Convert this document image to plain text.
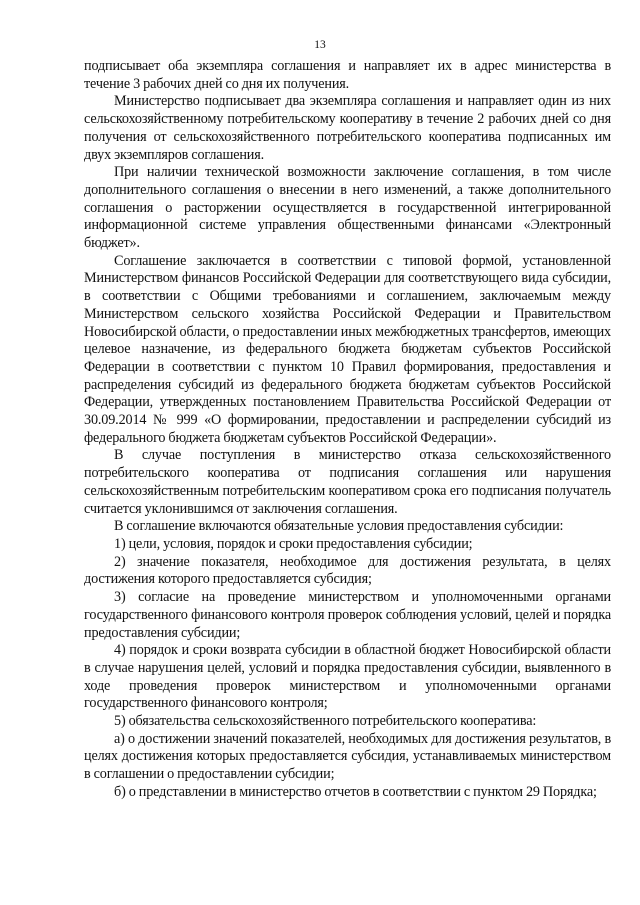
13

подписывает оба экземпляра соглашения и направляет их в адрес министерства в течение 3 рабочих дней со дня их получения.

Министерство подписывает два экземпляра соглашения и направляет один из них сельскохозяйственному потребительскому кооперативу в течение 2 рабочих дней со дня получения от сельскохозяйственного потребительского кооператива подписанных им двух экземпляров соглашения.

При наличии технической возможности заключение соглашения, в том числе дополнительного соглашения о внесении в него изменений, а также дополнительного соглашения о расторжении осуществляется в государственной интегрированной информационной системе управления общественными финансами «Электронный бюджет».

Соглашение заключается в соответствии с типовой формой, установленной Министерством финансов Российской Федерации для соответствующего вида субсидии, в соответствии с Общими требованиями и соглашением, заключаемым между Министерством сельского хозяйства Российской Федерации и Правительством Новосибирской области, о предоставлении иных межбюджетных трансфертов, имеющих целевое назначение, из федерального бюджета бюджетам субъектов Российской Федерации в соответствии с пунктом 10 Правил формирования, предоставления и распределения субсидий из федерального бюджета бюджетам субъектов Российской Федерации, утвержденных постановлением Правительства Российской Федерации от 30.09.2014 № 999 «О формировании, предоставлении и распределении субсидий из федерального бюджета бюджетам субъектов Российской Федерации».

В случае поступления в министерство отказа сельскохозяйственного потребительского кооператива от подписания соглашения или нарушения сельскохозяйственным потребительским кооперативом срока его подписания получатель считается уклонившимся от заключения соглашения.

В соглашение включаются обязательные условия предоставления субсидии:

1) цели, условия, порядок и сроки предоставления субсидии;

2) значение показателя, необходимое для достижения результата, в целях достижения которого предоставляется субсидия;

3) согласие на проведение министерством и уполномоченными органами государственного финансового контроля проверок соблюдения условий, целей и порядка предоставления субсидии;

4) порядок и сроки возврата субсидии в областной бюджет Новосибирской области в случае нарушения целей, условий и порядка предоставления субсидии, выявленного в ходе проведения проверок министерством и уполномоченными органами государственного финансового контроля;

5) обязательства сельскохозяйственного потребительского кооператива:

а) о достижении значений показателей, необходимых для достижения результатов, в целях достижения которых предоставляется субсидия, устанавливаемых министерством в соглашении о предоставлении субсидии;

б) о представлении в министерство отчетов в соответствии с пунктом 29 Порядка;
